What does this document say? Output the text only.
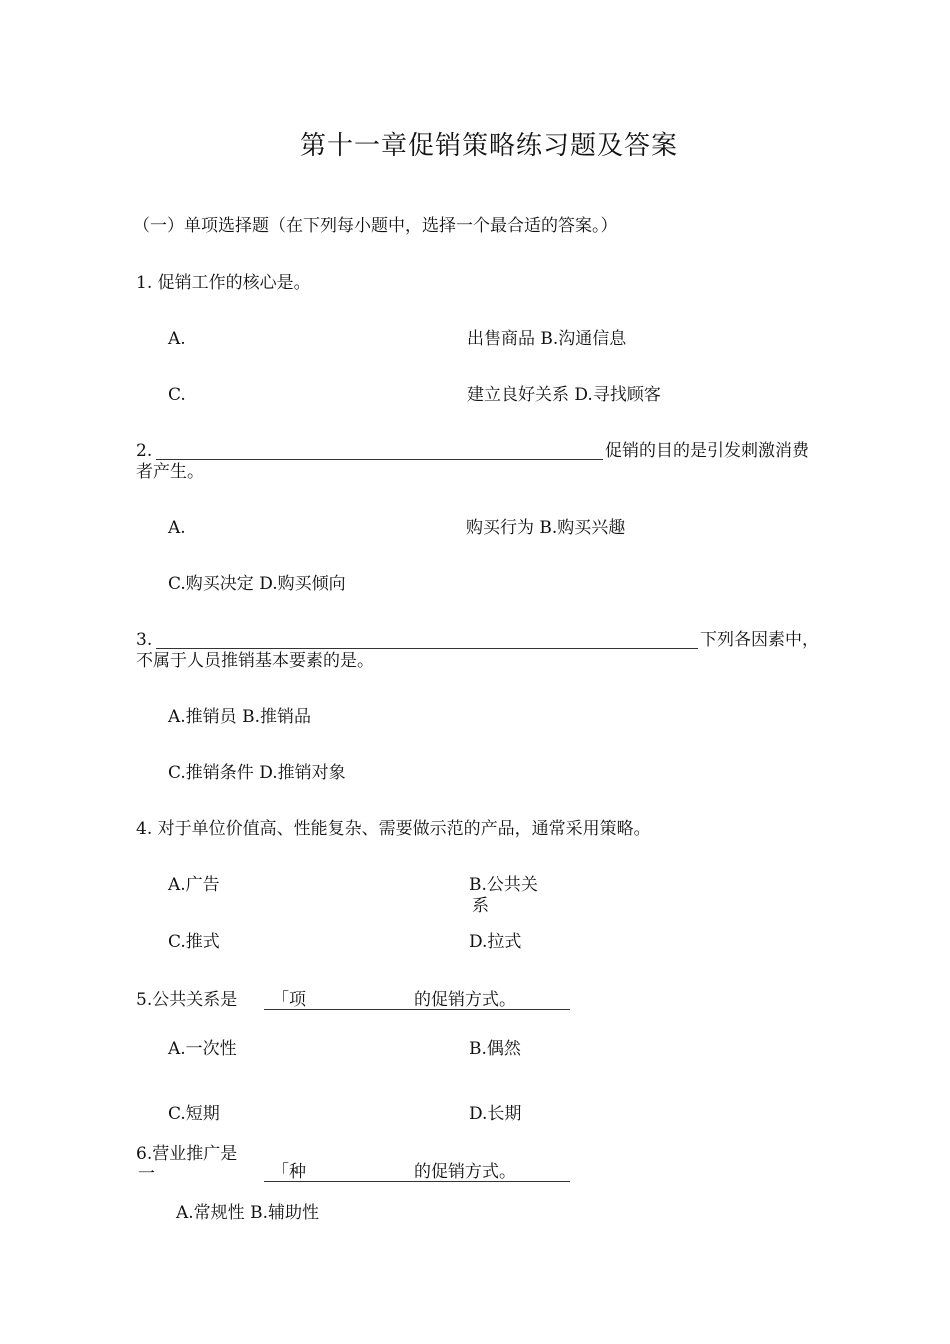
第十一章促销策略练习题及答案
（一）单项选择题（在下列每小题中，选择一个最合适的答案。）
1. 促销工作的核心是。
A.	出售商品 B.沟通信息
C.	建立良好关系 D.寻找顾客
2.	促销的目的是引发刺激消费
者产生。
A.	购买行为 B.购买兴趣
C.购买决定 D.购买倾向
3.	下列各因素中，
不属于人员推销基本要素的是。
A.推销员 B.推销品
C.推销条件 D.推销对象
4. 对于单位价值高、性能复杂、需要做示范的产品，通常采用策略。
A.广告	B.公共关
系
C.推式	D.拉式
5.公共关系是 「项	的促销方式。
A.一次性	B.偶然
C.短期	D.长期
6.营业推广是
一	「种	的促销方式。
A.常规性 B.辅助性
